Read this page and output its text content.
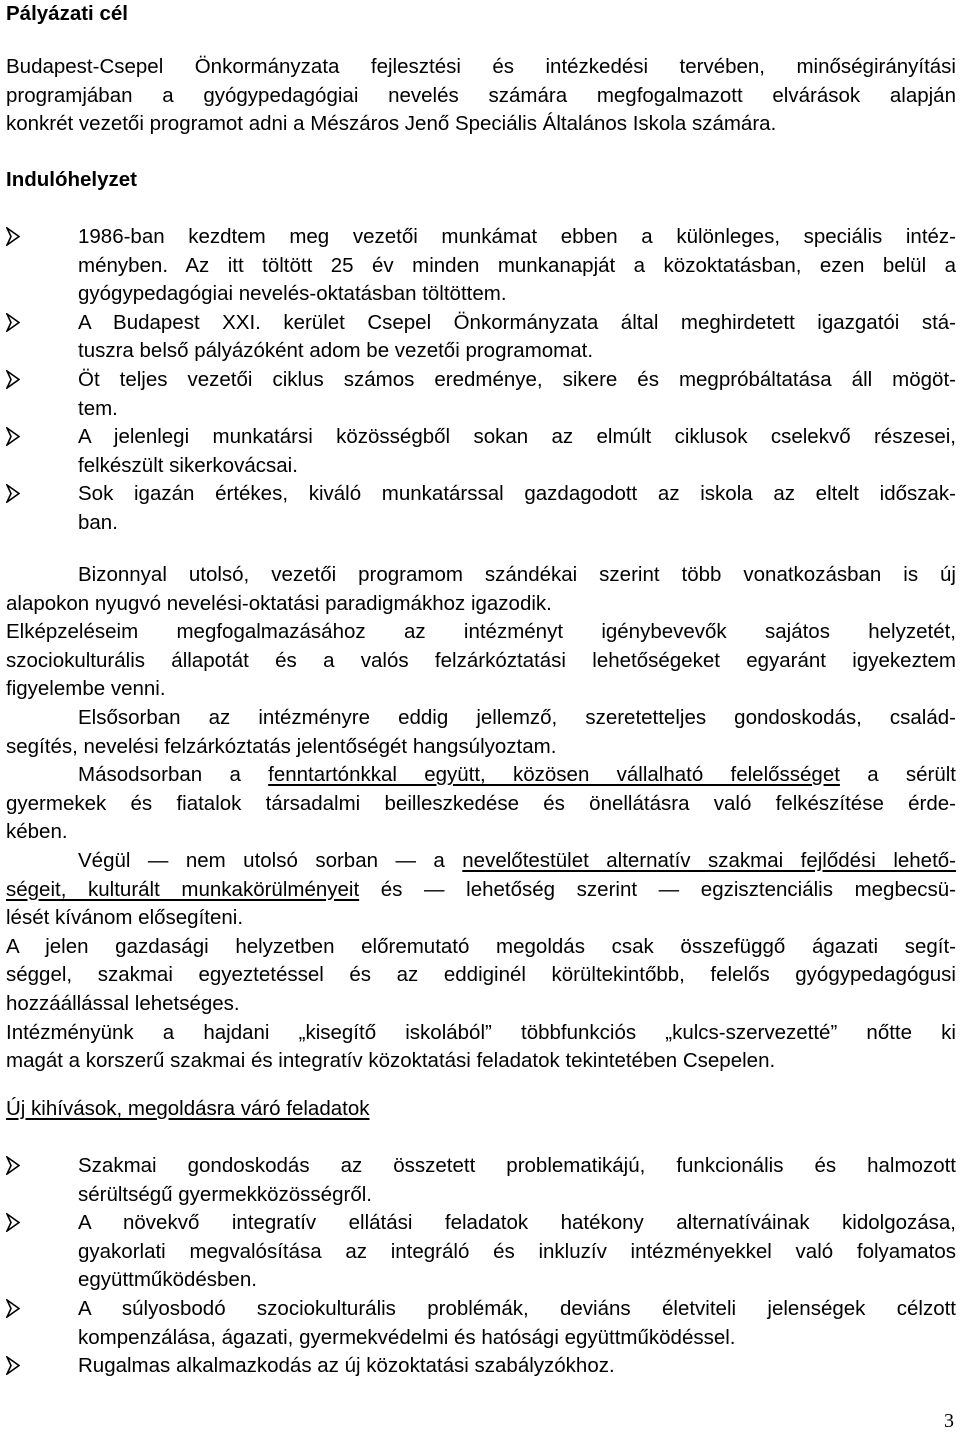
Pályázati cél

Budapest-Csepel Önkormányzata fejlesztési és intézkedési tervében, minőségirányítási

programjában a gyógypedagógiai nevelés számára megfogalmazott elvárások alapján

konkrét vezetői programot adni a Mészáros Jenő Speciális Általános Iskola számára.

Indulóhelyzet

1986-ban kezdtem meg vezetői munkámat ebben a különleges, speciális intéz-

ményben. Az itt töltött 25 év minden munkanapját a közoktatásban, ezen belül a

gyógypedagógiai nevelés-oktatásban töltöttem.

A Budapest XXI. kerület Csepel Önkormányzata által meghirdetett igazgatói stá-

tuszra belső pályázóként adom be vezetői programomat.

Öt teljes vezetői ciklus számos eredménye, sikere és megpróbáltatása áll mögöt-

tem.

A jelenlegi munkatársi közösségből sokan az elmúlt ciklusok cselekvő részesei,

felkészült sikerkovácsai.

Sok igazán értékes, kiváló munkatárssal gazdagodott az iskola az eltelt időszak-

ban.

Bizonnyal utolsó, vezetői programom szándékai szerint több vonatkozásban is új

alapokon nyugvó nevelési-oktatási paradigmákhoz igazodik.

Elképzeléseim megfogalmazásához az intézményt igénybevevők sajátos helyzetét,

szociokulturális állapotát és a valós felzárkóztatási lehetőségeket egyaránt igyekeztem

figyelembe venni.

Elsősorban az intézményre eddig jellemző, szeretetteljes gondoskodás, család-

segítés, nevelési felzárkóztatás jelentőségét hangsúlyoztam.

Másodsorban a fenntartónkkal együtt, közösen vállalható felelősséget a sérült

gyermekek és fiatalok társadalmi beilleszkedése és önellátásra való felkészítése érde-

kében.

Végül — nem utolsó sorban — a nevelőtestület alternatív szakmai fejlődési lehető-

ségeit, kulturált munkakörülményeit és — lehetőség szerint — egzisztenciális megbecsü-

lését kívánom elősegíteni.

A jelen gazdasági helyzetben előremutató megoldás csak összefüggő ágazati segít-

séggel, szakmai egyeztetéssel és az eddiginél körültekintőbb, felelős gyógypedagógusi

hozzáállással lehetséges.

Intézményünk a hajdani „kisegítő iskolából” többfunkciós „kulcs-szervezetté” nőtte ki

magát a korszerű szakmai és integratív közoktatási feladatok tekintetében Csepelen.

Új kihívások, megoldásra váró feladatok

Szakmai gondoskodás az összetett problematikájú, funkcionális és halmozott

sérültségű gyermekközösségről.

A növekvő integratív ellátási feladatok hatékony alternatíváinak kidolgozása,

gyakorlati megvalósítása az integráló és inkluzív intézményekkel való folyamatos

együttműködésben.

A súlyosbodó szociokulturális problémák, deviáns életviteli jelenségek célzott

kompenzálása, ágazati, gyermekvédelmi és hatósági együttműködéssel.

Rugalmas alkalmazkodás az új közoktatási szabályzókhoz.

3
